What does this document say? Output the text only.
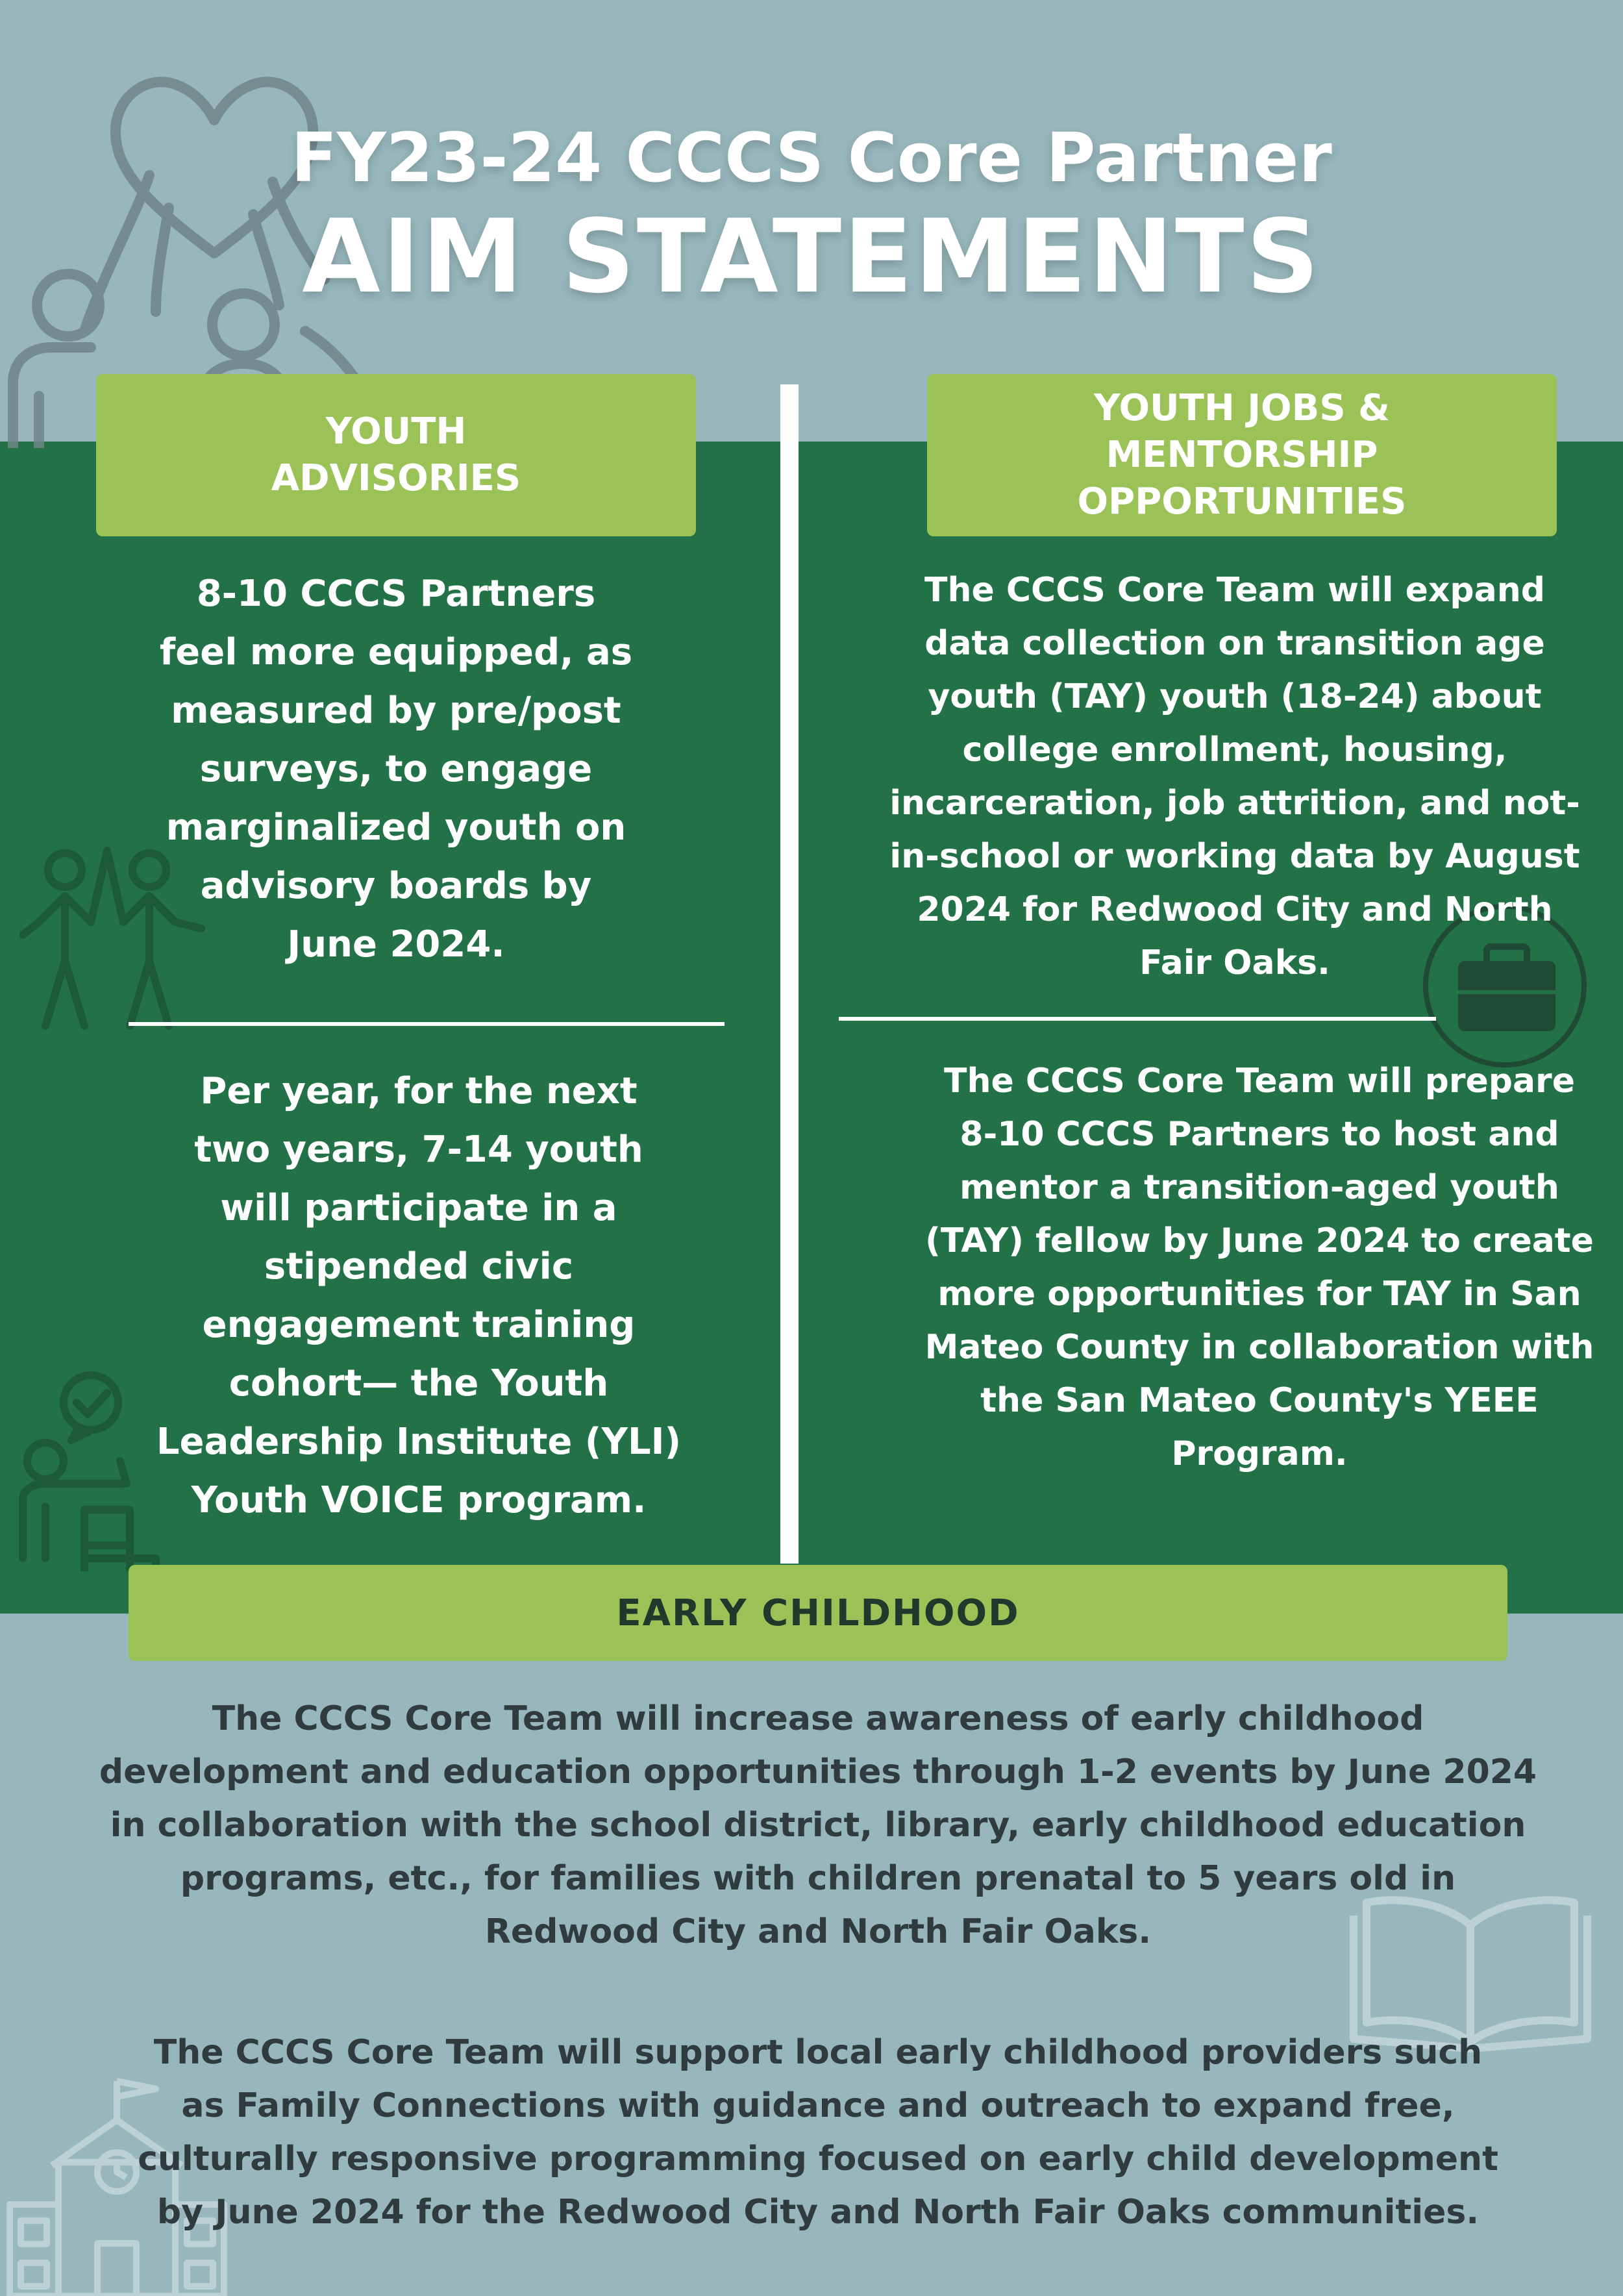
FY23-24 CCCS Core Partner
AIM STATEMENTS
YOUTH
ADVISORIES
8-10 CCCS Partners
feel more equipped, as
measured by pre/post
surveys, to engage
marginalized youth on
advisory boards by
June 2024.
Per year, for the next
two years, 7-14 youth
will participate in a
stipended civic
engagement training
cohort— the Youth
Leadership Institute (YLI)
Youth VOICE program.
YOUTH JOBS &
MENTORSHIP
OPPORTUNITIES
The CCCS Core Team will expand
data collection on transition age
youth (TAY) youth (18-24) about
college enrollment, housing,
incarceration, job attrition, and not-
in-school or working data by August
2024 for Redwood City and North
Fair Oaks.
The CCCS Core Team will prepare
8-10 CCCS Partners to host and
mentor a transition-aged youth
(TAY) fellow by June 2024 to create
more opportunities for TAY in San
Mateo County in collaboration with
the San Mateo County's YEEE
Program.
EARLY CHILDHOOD
The CCCS Core Team will increase awareness of early childhood
development and education opportunities through 1-2 events by June 2024
in collaboration with the school district, library, early childhood education
programs, etc., for families with children prenatal to 5 years old in
Redwood City and North Fair Oaks.
The CCCS Core Team will support local early childhood providers such
as Family Connections with guidance and outreach to expand free,
culturally responsive programming focused on early child development
by June 2024 for the Redwood City and North Fair Oaks communities.
